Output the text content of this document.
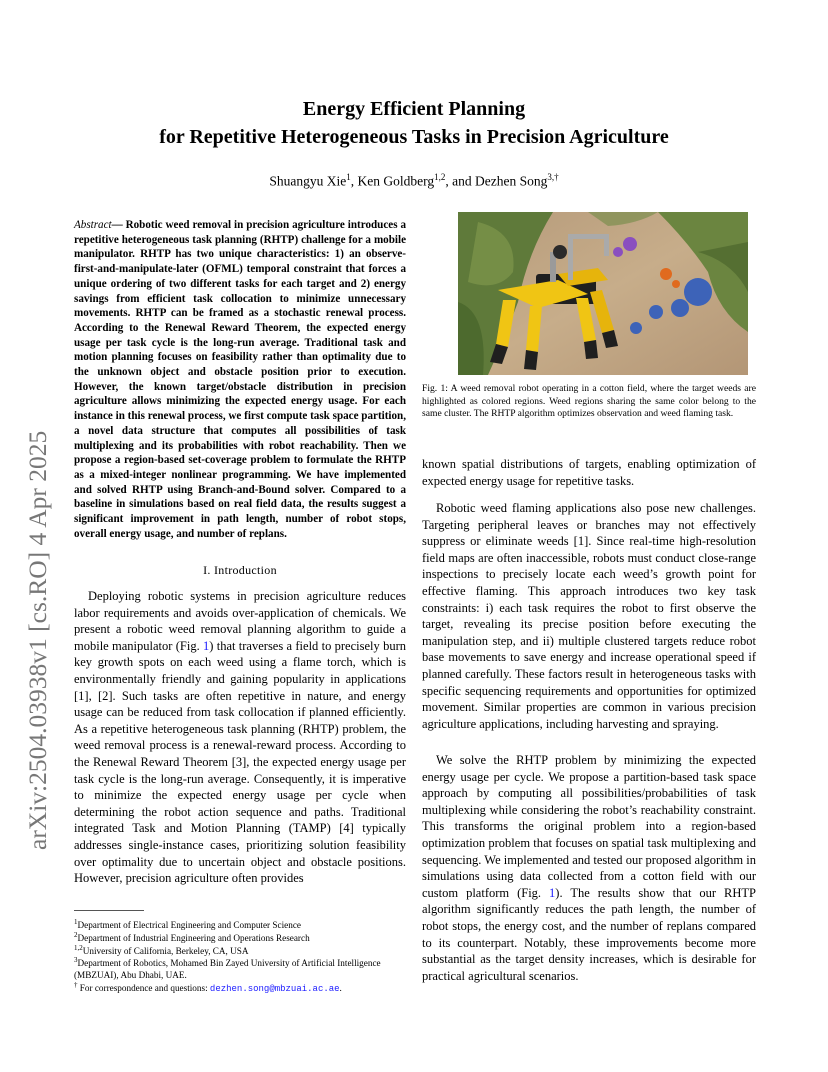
Energy Efficient Planning
for Repetitive Heterogeneous Tasks in Precision Agriculture
Shuangyu Xie$^1$, Ken Goldberg$^{1,2}$, and Dezhen Song$^{3,\dagger}$
arXiv:2504.03938v1 [cs.RO] 4 Apr 2025
Abstract— Robotic weed removal in precision agriculture introduces a repetitive heterogeneous task planning (RHTP) challenge for a mobile manipulator. RHTP has two unique characteristics: 1) an observe-first-and-manipulate-later (OFML) temporal constraint that forces a unique ordering of two different tasks for each target and 2) energy savings from efficient task collocation to minimize unnecessary movements. RHTP can be framed as a stochastic renewal process. According to the Renewal Reward Theorem, the expected energy usage per task cycle is the long-run average. Traditional task and motion planning focuses on feasibility rather than optimality due to the unknown object and obstacle position prior to execution. However, the known target/obstacle distribution in precision agriculture allows minimizing the expected energy usage. For each instance in this renewal process, we first compute task space partition, a novel data structure that computes all possibilities of task multiplexing and its probabilities with robot reachability. Then we propose a region-based set-coverage problem to formulate the RHTP as a mixed-integer nonlinear programming. We have implemented and solved RHTP using Branch-and-Bound solver. Compared to a baseline in simulations based on real field data, the results suggest a significant improvement in path length, number of robot stops, overall energy usage, and number of replans.
I. Introduction
Deploying robotic systems in precision agriculture reduces labor requirements and avoids over-application of chemicals. We present a robotic weed removal planning algorithm to guide a mobile manipulator (Fig. 1) that traverses a field to precisely burn key growth spots on each weed using a flame torch, which is environmentally friendly and gaining popularity in applications [1], [2]. Such tasks are often repetitive in nature, and energy usage can be reduced from task collocation if planned efficiently. As a repetitive heterogeneous task planning (RHTP) problem, the weed removal process is a renewal-reward process. According to the Renewal Reward Theorem [3], the expected energy usage per task cycle is the long-run average. Consequently, it is imperative to minimize the expected energy usage per cycle when determining the robot action sequence and paths. Traditional integrated Task and Motion Planning (TAMP) [4] typically addresses single-instance cases, prioritizing solution feasibility over optimality due to uncertain object and obstacle positions. However, precision agriculture often provides
Fig. 1: A weed removal robot operating in a cotton field, where the target weeds are highlighted as colored regions. Weed regions sharing the same color belong to the same cluster. The RHTP algorithm optimizes observation and weed flaming task.
known spatial distributions of targets, enabling optimization of expected energy usage for repetitive tasks.
Robotic weed flaming applications also pose new challenges. Targeting peripheral leaves or branches may not effectively suppress or eliminate weeds [1]. Since real-time high-resolution field maps are often inaccessible, robots must conduct close-range inspections to precisely locate each weed’s growth point for effective flaming. This approach introduces two key task constraints: i) each task requires the robot to first observe the target, revealing its precise position before executing the manipulation step, and ii) multiple clustered targets reduce robot base movements to save energy and increase operational speed if planned carefully. These factors result in heterogeneous tasks with specific sequencing requirements and opportunities for optimized movement. Similar properties are common in various precision agriculture applications, including harvesting and spraying.
We solve the RHTP problem by minimizing the expected energy usage per cycle. We propose a partition-based task space approach by computing all possibilities/probabilities of task multiplexing while considering the robot’s reachability constraint. This transforms the original problem into a region-based optimization problem that focuses on spatial task multiplexing and sequencing. We implemented and tested our proposed algorithm in simulations using data collected from a cotton field with our custom platform (Fig. 1). The results show that our RHTP algorithm significantly reduces the path length, the number of robot stops, the energy cost, and the number of replans compared to its counterpart. Notably, these improvements become more substantial as the target density increases, which is desirable for practical agricultural scenarios.
$^1$Department of Electrical Engineering and Computer Science
$^2$Department of Industrial Engineering and Operations Research
$^{1,2}$University of California, Berkeley, CA, USA
$^3$Department of Robotics, Mohamed Bin Zayed University of Artificial Intelligence (MBZUAI), Abu Dhabi, UAE.
† For correspondence and questions: dezhen.song@mbzuai.ac.ae.
